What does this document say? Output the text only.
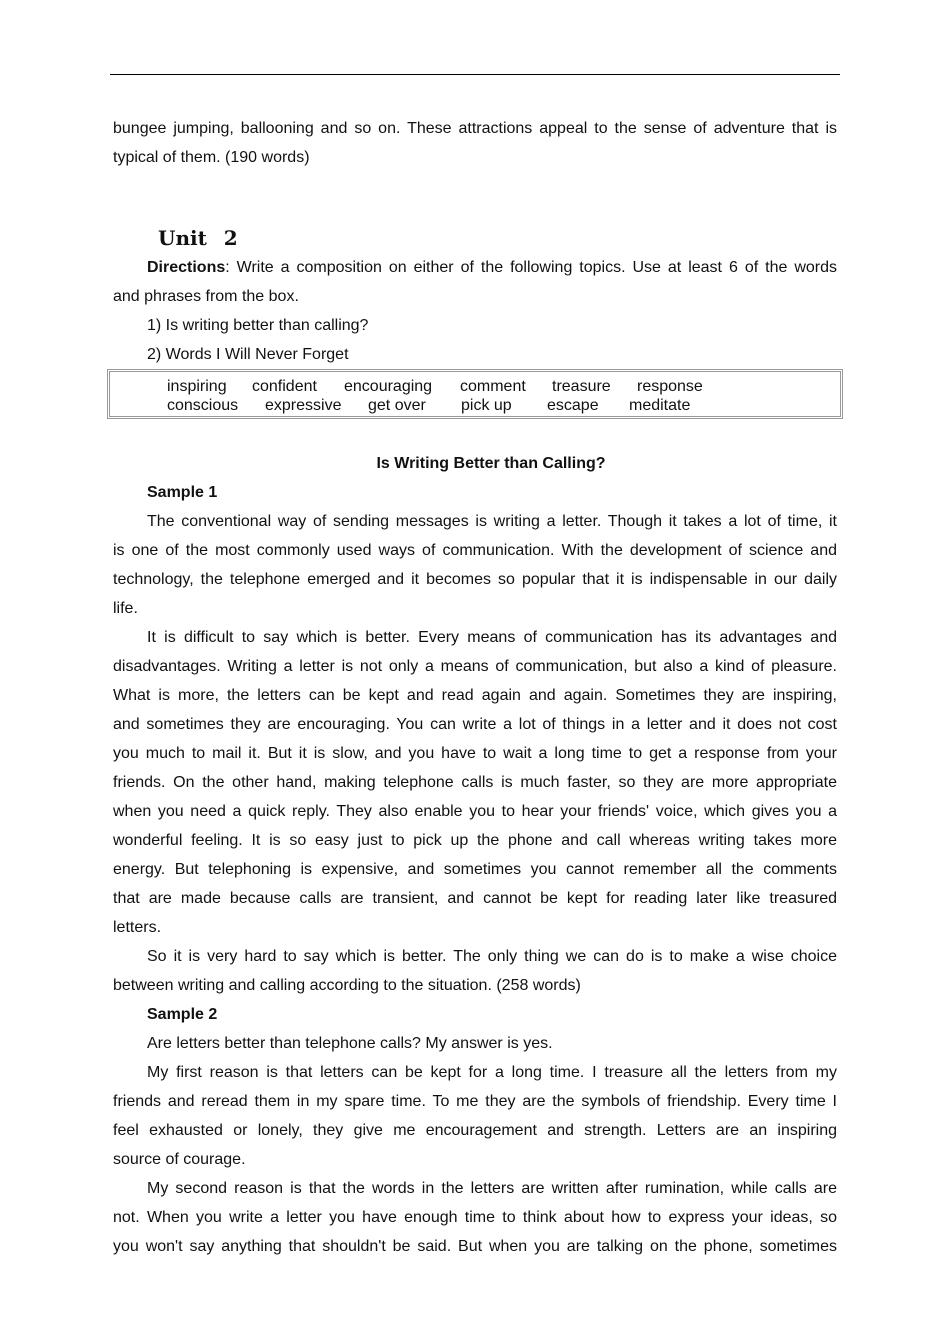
bungee jumping, ballooning and so on. These attractions appeal to the sense of adventure that is
typical of them. (190 words)
Unit 2
Directions: Write a composition on either of the following topics. Use at least 6 of the words
and phrases from the box.
1) Is writing better than calling?
2) Words I Will Never Forget
inspiring confident encouraging comment treasure response
conscious expressive get over pick up escape meditate
Is Writing Better than Calling?
Sample 1
The conventional way of sending messages is writing a letter. Though it takes a lot of time, it
is one of the most commonly used ways of communication. With the development of science and
technology, the telephone emerged and it becomes so popular that it is indispensable in our daily
life.
It is difficult to say which is better. Every means of communication has its advantages and
disadvantages. Writing a letter is not only a means of communication, but also a kind of pleasure.
What is more, the letters can be kept and read again and again. Sometimes they are inspiring,
and sometimes they are encouraging. You can write a lot of things in a letter and it does not cost
you much to mail it. But it is slow, and you have to wait a long time to get a response from your
friends. On the other hand, making telephone calls is much faster, so they are more appropriate
when you need a quick reply. They also enable you to hear your friends' voice, which gives you a
wonderful feeling. It is so easy just to pick up the phone and call whereas writing takes more
energy. But telephoning is expensive, and sometimes you cannot remember all the comments
that are made because calls are transient, and cannot be kept for reading later like treasured
letters.
So it is very hard to say which is better. The only thing we can do is to make a wise choice
between writing and calling according to the situation. (258 words)
Sample 2
Are letters better than telephone calls? My answer is yes.
My first reason is that letters can be kept for a long time. I treasure all the letters from my
friends and reread them in my spare time. To me they are the symbols of friendship. Every time I
feel exhausted or lonely, they give me encouragement and strength. Letters are an inspiring
source of courage.
My second reason is that the words in the letters are written after rumination, while calls are
not. When you write a letter you have enough time to think about how to express your ideas, so
you won't say anything that shouldn't be said. But when you are talking on the phone, sometimes
